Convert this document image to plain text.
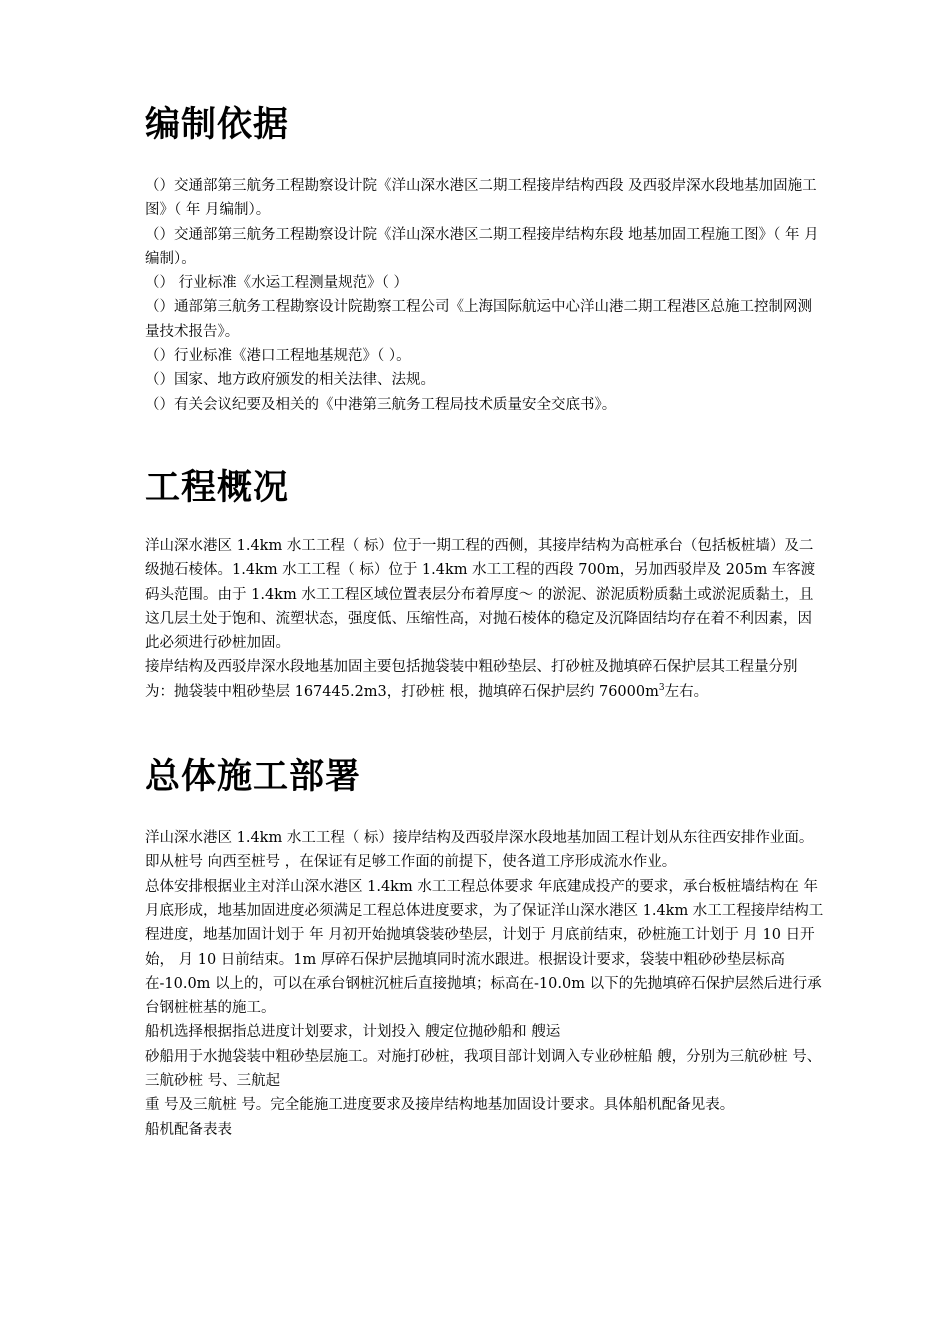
编制依据

（）交通部第三航务工程勘察设计院《洋山深水港区二期工程接岸结构西段 及西驳岸深水段地基加固施工图》（ 年 月编制）。

（）交通部第三航务工程勘察设计院《洋山深水港区二期工程接岸结构东段 地基加固工程施工图》（ 年 月编制）。

（） 行业标准《水运工程测量规范》（ ）

（）通部第三航务工程勘察设计院勘察工程公司《上海国际航运中心洋山港二期工程港区总施工控制网测量技术报告》。

（）行业标准《港口工程地基规范》（ ）。

（）国家、地方政府颁发的相关法律、法规。

（）有关会议纪要及相关的《中港第三航务工程局技术质量安全交底书》。

工程概况

洋山深水港区 1.4km 水工工程（ 标）位于一期工程的西侧，其接岸结构为高桩承台（包括板桩墙）及二级抛石棱体。1.4km 水工工程（ 标）位于 1.4km 水工工程的西段 700m，另加西驳岸及 205m 车客渡码头范围。由于 1.4km 水工工程区域位置表层分布着厚度～ 的淤泥、淤泥质粉质黏土或淤泥质黏土，且这几层土处于饱和、流塑状态，强度低、压缩性高，对抛石棱体的稳定及沉降固结均存在着不利因素，因此必须进行砂桩加固。

接岸结构及西驳岸深水段地基加固主要包括抛袋装中粗砂垫层、打砂桩及抛填碎石保护层其工程量分别为：抛袋装中粗砂垫层 167445.2m3，打砂桩 根，抛填碎石保护层约 $76000m^3$左右。

总体施工部署

洋山深水港区 1.4km 水工工程（ 标）接岸结构及西驳岸深水段地基加固工程计划从东往西安排作业面。即从桩号 向西至桩号 ，在保证有足够工作面的前提下，使各道工序形成流水作业。

总体安排根据业主对洋山深水港区 1.4km 水工工程总体要求 年底建成投产的要求，承台板桩墙结构在 年 月底形成，地基加固进度必须满足工程总体进度要求，为了保证洋山深水港区 1.4km 水工工程接岸结构工程进度，地基加固计划于 年 月初开始抛填袋装砂垫层，计划于 月底前结束，砂桩施工计划于 月 10 日开始， 月 10 日前结束。1m 厚碎石保护层抛填同时流水跟进。根据设计要求，袋装中粗砂砂垫层标高在-10.0m 以上的，可以在承台钢桩沉桩后直接抛填；标高在-10.0m 以下的先抛填碎石保护层然后进行承台钢桩桩基的施工。

船机选择根据指总进度计划要求，计划投入 艘定位抛砂船和 艘运

砂船用于水抛袋装中粗砂垫层施工。对施打砂桩，我项目部计划调入专业砂桩船 艘，分别为三航砂桩 号、三航砂桩 号、三航起

重 号及三航桩 号。完全能施工进度要求及接岸结构地基加固设计要求。具体船机配备见表。

船机配备表表
